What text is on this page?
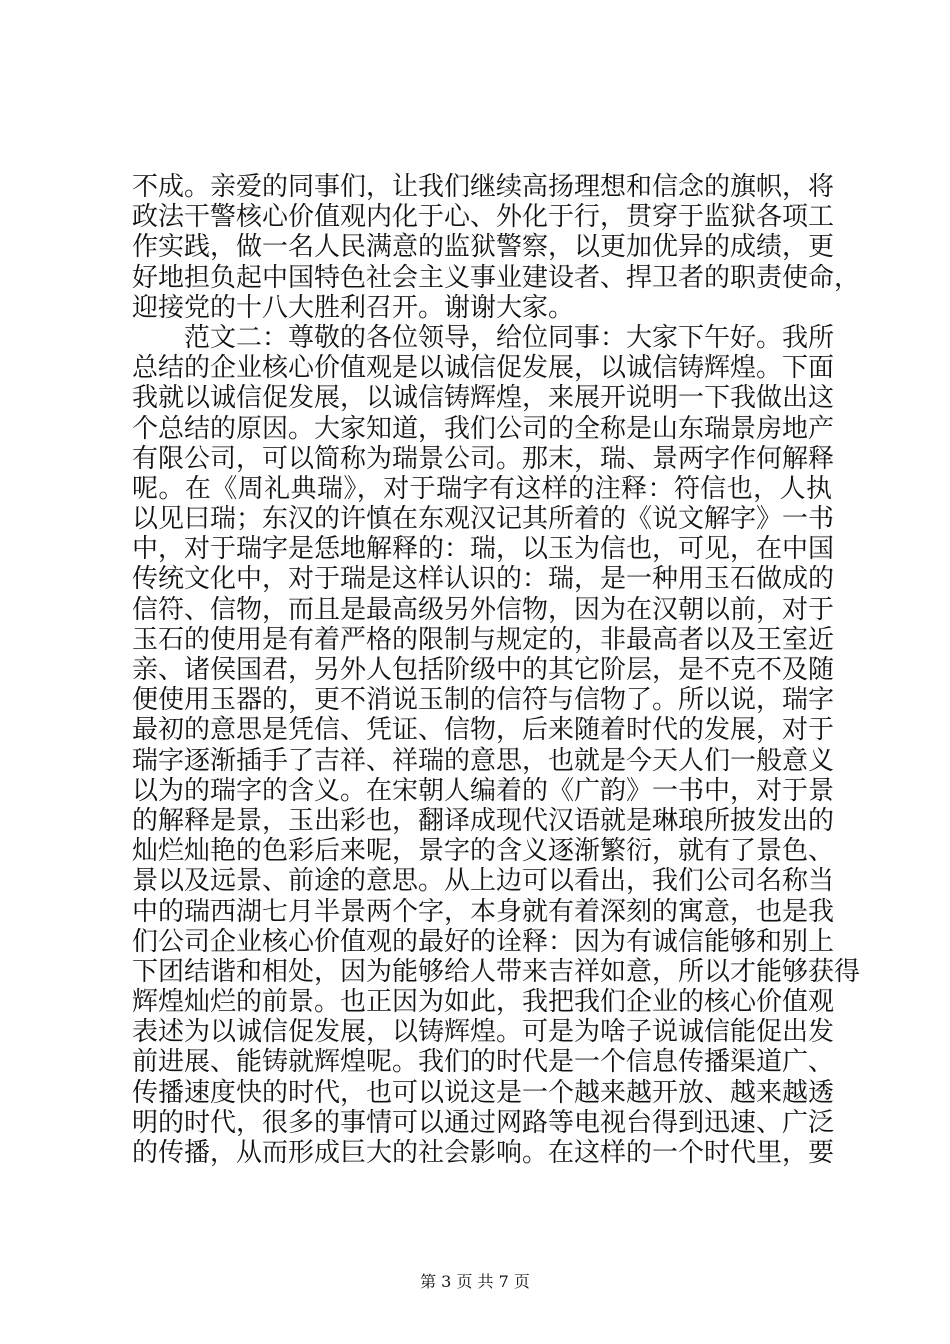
不成。亲爱的同事们，让我们继续高扬理想和信念的旗帜，将
政法干警核心价值观内化于心、外化于行，贯穿于监狱各项工
作实践，做一名人民满意的监狱警察，以更加优异的成绩，更
好地担负起中国特色社会主义事业建设者、捍卫者的职责使命，
迎接党的十八大胜利召开。谢谢大家。
范文二：尊敬的各位领导，给位同事：大家下午好。我所
总结的企业核心价值观是以诚信促发展，以诚信铸辉煌。下面
我就以诚信促发展，以诚信铸辉煌，来展开说明一下我做出这
个总结的原因。大家知道，我们公司的全称是山东瑞景房地产
有限公司，可以简称为瑞景公司。那末，瑞、景两字作何解释
呢。在《周礼典瑞》，对于瑞字有这样的注释：符信也，人执
以见曰瑞；东汉的许慎在东观汉记其所着的《说文解字》一书
中，对于瑞字是恁地解释的：瑞，以玉为信也，可见，在中国
传统文化中，对于瑞是这样认识的：瑞，是一种用玉石做成的
信符、信物，而且是最高级另外信物，因为在汉朝以前，对于
玉石的使用是有着严格的限制与规定的，非最高者以及王室近
亲、诸侯国君，另外人包括阶级中的其它阶层，是不克不及随
便使用玉器的，更不消说玉制的信符与信物了。所以说，瑞字
最初的意思是凭信、凭证、信物，后来随着时代的发展，对于
瑞字逐渐插手了吉祥、祥瑞的意思，也就是今天人们一般意义
以为的瑞字的含义。在宋朝人编着的《广韵》一书中，对于景
的解释是景，玉出彩也，翻译成现代汉语就是琳琅所披发出的
灿烂灿艳的色彩后来呢，景字的含义逐渐繁衍，就有了景色、
景以及远景、前途的意思。从上边可以看出，我们公司名称当
中的瑞西湖七月半景两个字，本身就有着深刻的寓意，也是我
们公司企业核心价值观的最好的诠释：因为有诚信能够和别上
下团结谐和相处，因为能够给人带来吉祥如意，所以才能够获得
辉煌灿烂的前景。也正因为如此，我把我们企业的核心价值观
表述为以诚信促发展，以铸辉煌。可是为啥子说诚信能促出发
前进展、能铸就辉煌呢。我们的时代是一个信息传播渠道广、
传播速度快的时代，也可以说这是一个越来越开放、越来越透
明的时代，很多的事情可以通过网路等电视台得到迅速、广泛
的传播，从而形成巨大的社会影响。在这样的一个时代里，要
第 3 页 共 7 页
